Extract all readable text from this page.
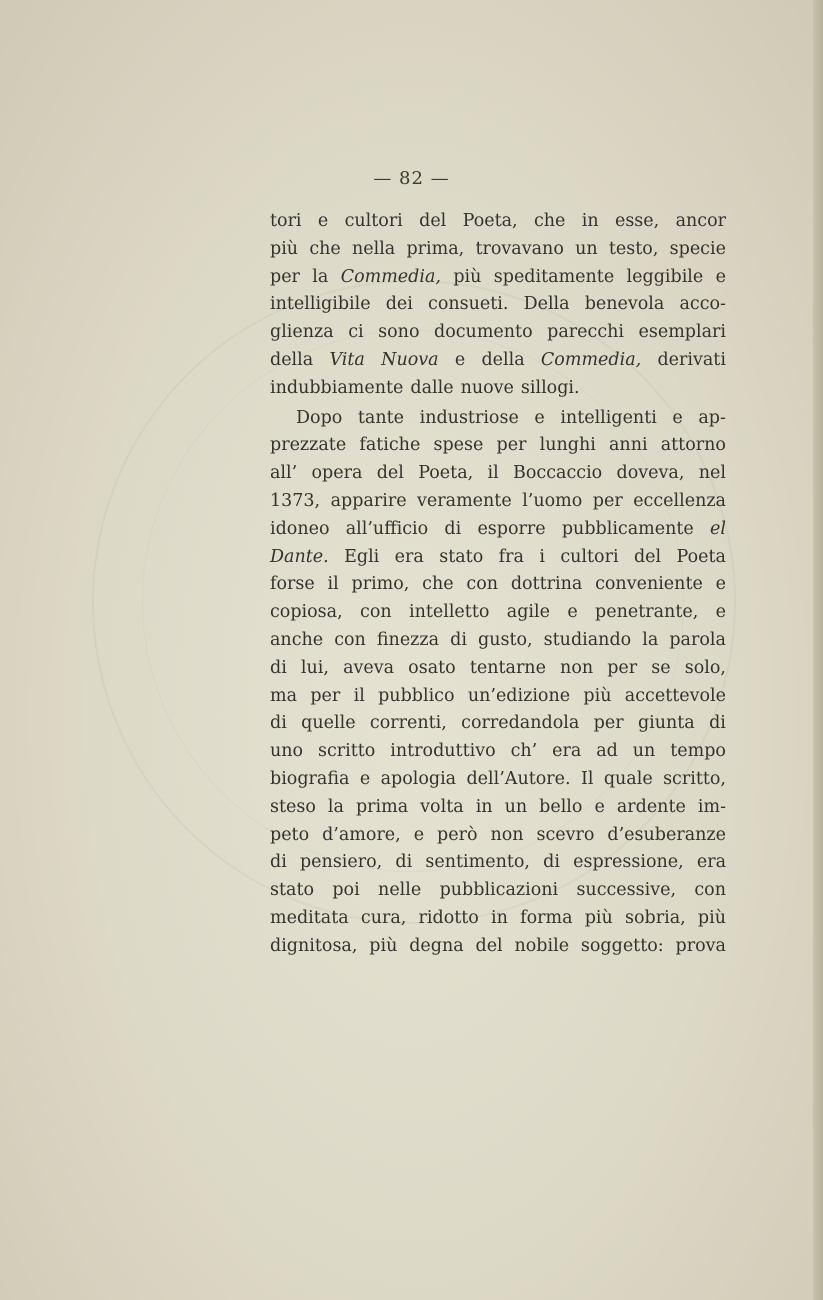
— 82 —
tori e cultori del Poeta, che in esse, ancor
più che nella prima, trovavano un testo, specie
per la Commedia, più speditamente leggibile e
intelligibile dei consueti. Della benevola acco-
glienza ci sono documento parecchi esemplari
della Vita Nuova e della Commedia, derivati
indubbiamente dalle nuove sillogi.
Dopo tante industriose e intelligenti e ap-
prezzate fatiche spese per lunghi anni attorno
all’ opera del Poeta, il Boccaccio doveva, nel
1373, apparire veramente l’uomo per eccellenza
idoneo all’ufficio di esporre pubblicamente el
Dante. Egli era stato fra i cultori del Poeta
forse il primo, che con dottrina conveniente e
copiosa, con intelletto agile e penetrante, e
anche con finezza di gusto, studiando la parola
di lui, aveva osato tentarne non per se solo,
ma per il pubblico un’edizione più accettevole
di quelle correnti, corredandola per giunta di
uno scritto introduttivo ch’ era ad un tempo
biografia e apologia dell’Autore. Il quale scritto,
steso la prima volta in un bello e ardente im-
peto d’amore, e però non scevro d’esuberanze
di pensiero, di sentimento, di espressione, era
stato poi nelle pubblicazioni successive, con
meditata cura, ridotto in forma più sobria, più
dignitosa, più degna del nobile soggetto: prova
